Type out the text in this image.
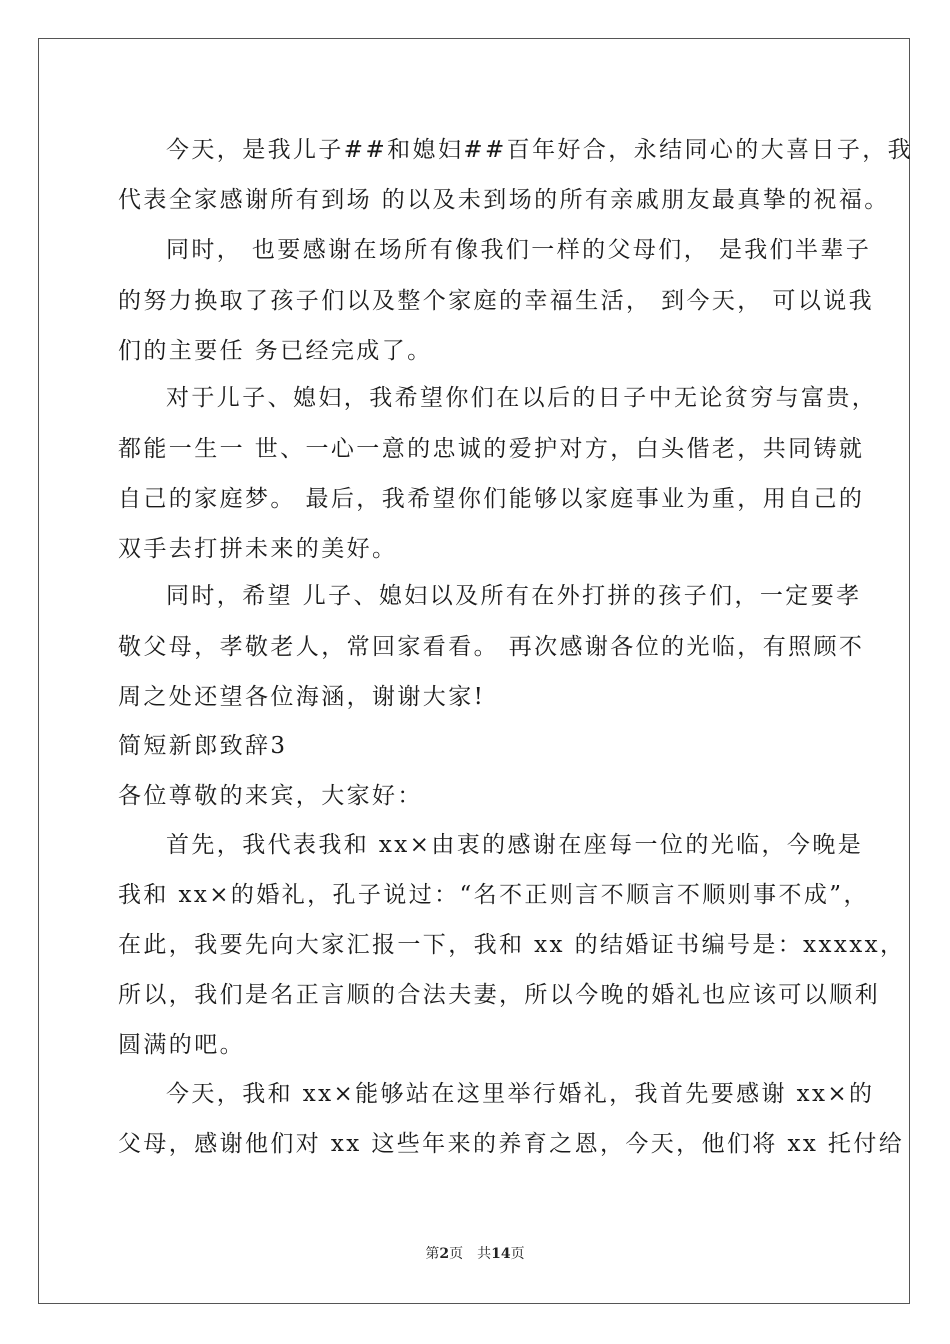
今天，是我儿子##和媳妇##百年好合，永结同心的大喜日子，我
代表全家感谢所有到场 的以及未到场的所有亲戚朋友最真挚的祝福。
同时， 也要感谢在场所有像我们一样的父母们， 是我们半辈子
的努力换取了孩子们以及整个家庭的幸福生活， 到今天， 可以说我
们的主要任 务已经完成了。
对于儿子、媳妇，我希望你们在以后的日子中无论贫穷与富贵，
都能一生一 世、一心一意的忠诚的爱护对方，白头偕老，共同铸就
自己的家庭梦。 最后，我希望你们能够以家庭事业为重，用自己的
双手去打拼未来的美好。
同时，希望 儿子、媳妇以及所有在外打拼的孩子们，一定要孝
敬父母，孝敬老人，常回家看看。 再次感谢各位的光临，有照顾不
周之处还望各位海涵，谢谢大家!
简短新郎致辞3
各位尊敬的来宾，大家好：
首先，我代表我和 xx×由衷的感谢在座每一位的光临，今晚是
我和 xx×的婚礼，孔子说过：“名不正则言不顺言不顺则事不成”，
在此，我要先向大家汇报一下，我和 xx 的结婚证书编号是：xxxxx，
所以，我们是名正言顺的合法夫妻，所以今晚的婚礼也应该可以顺利
圆满的吧。
今天，我和 xx×能够站在这里举行婚礼，我首先要感谢 xx×的
父母，感谢他们对 xx 这些年来的养育之恩，今天，他们将 xx 托付给
第2页　共14页
